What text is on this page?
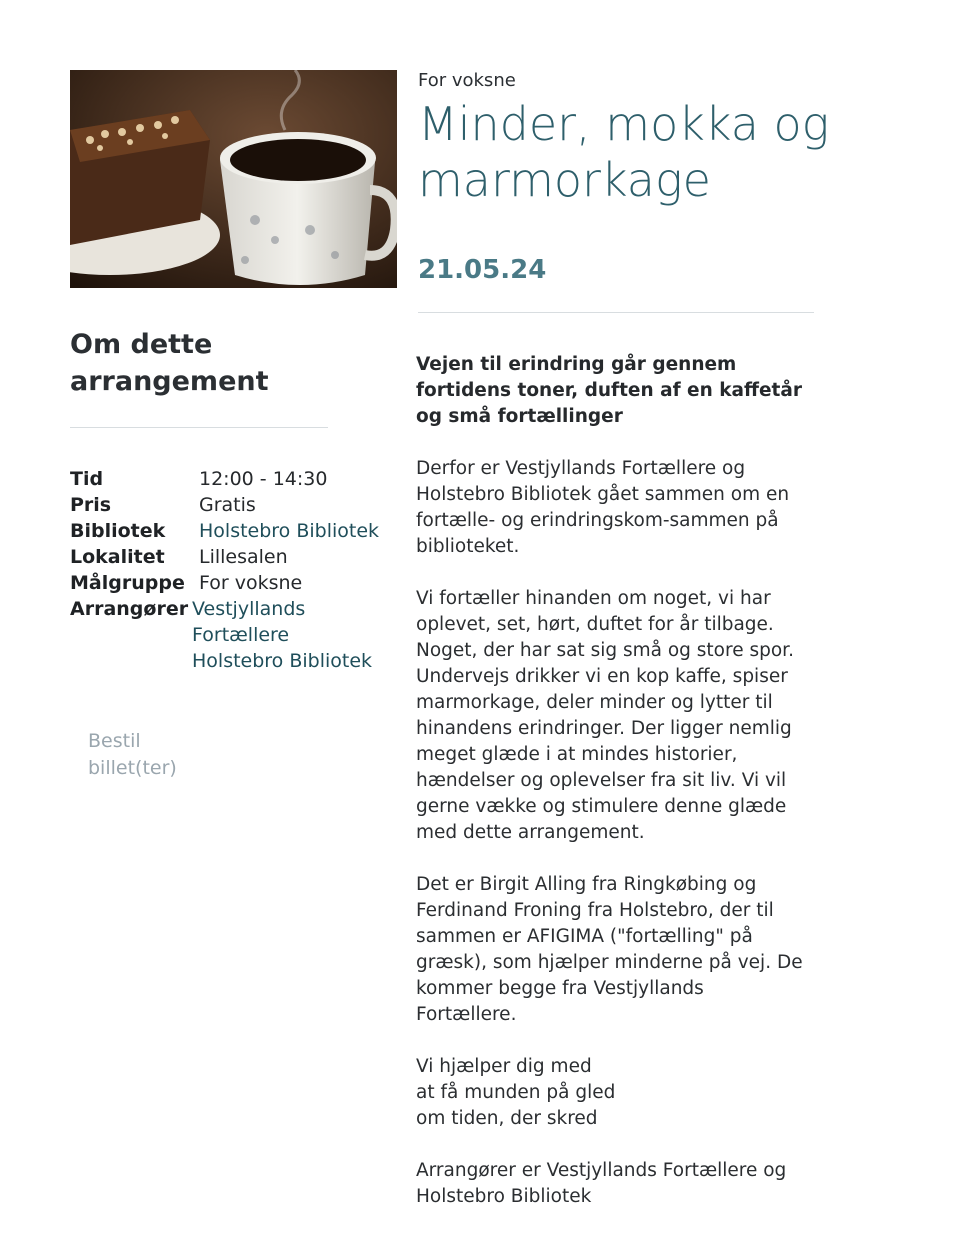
For voksne
Minder, mokka og marmorkage
21.05.24
Om dette arrangement
Tid	12:00 - 14:30
Pris	Gratis
Bibliotek Holstebro Bibliotek
Lokalitet Lillesalen
Målgruppe For voksne
Arrangører Vestjyllands
Fortællere
Holstebro Bibliotek
Bestil billet(ter)
Vejen til erindring går gennem fortidens toner, duften af en kaffetår og små fortællinger

Derfor er Vestjyllands Fortællere og Holstebro Bibliotek gået sammen om en fortælle- og erindringskom-sammen på biblioteket.

Vi fortæller hinanden om noget, vi har oplevet, set, hørt, duftet for år tilbage. Noget, der har sat sig små og store spor. Undervejs drikker vi en kop kaffe, spiser marmorkage, deler minder og lytter til hinandens erindringer. Der ligger nemlig meget glæde i at mindes historier, hændelser og oplevelser fra sit liv. Vi vil gerne vække og stimulere denne glæde med dette arrangement.

Det er Birgit Alling fra Ringkøbing og Ferdinand Froning fra Holstebro, der til sammen er AFIGIMA ("fortælling" på græsk), som hjælper minderne på vej. De kommer begge fra Vestjyllands Fortællere.

Vi hjælper dig med
at få munden på gled
om tiden, der skred

Arrangører er Vestjyllands Fortællere og Holstebro Bibliotek
